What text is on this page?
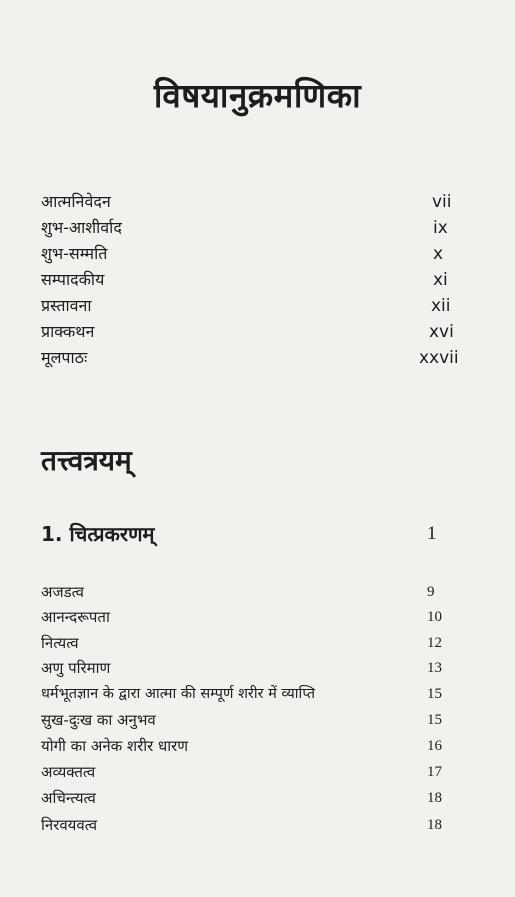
विषयानुक्रमणिका
आत्मनिवेदन	vii
शुभ-आशीर्वाद	ix
शुभ-सम्मति	x
सम्पादकीय	xi
प्रस्तावना	xii
प्राक्कथन	xvi
मूलपाठः	xxvii
तत्त्वत्रयम्
1. चित्प्रकरणम्	1
अजडत्व	9
आनन्दरूपता	10
नित्यत्व	12
अणु परिमाण	13
धर्मभूतज्ञान के द्वारा आत्मा की सम्पूर्ण शरीर में व्याप्ति	15
सुख-दुःख का अनुभव	15
योगी का अनेक शरीर धारण	16
अव्यक्तत्व	17
अचिन्त्यत्व	18
निरवयवत्व	18
